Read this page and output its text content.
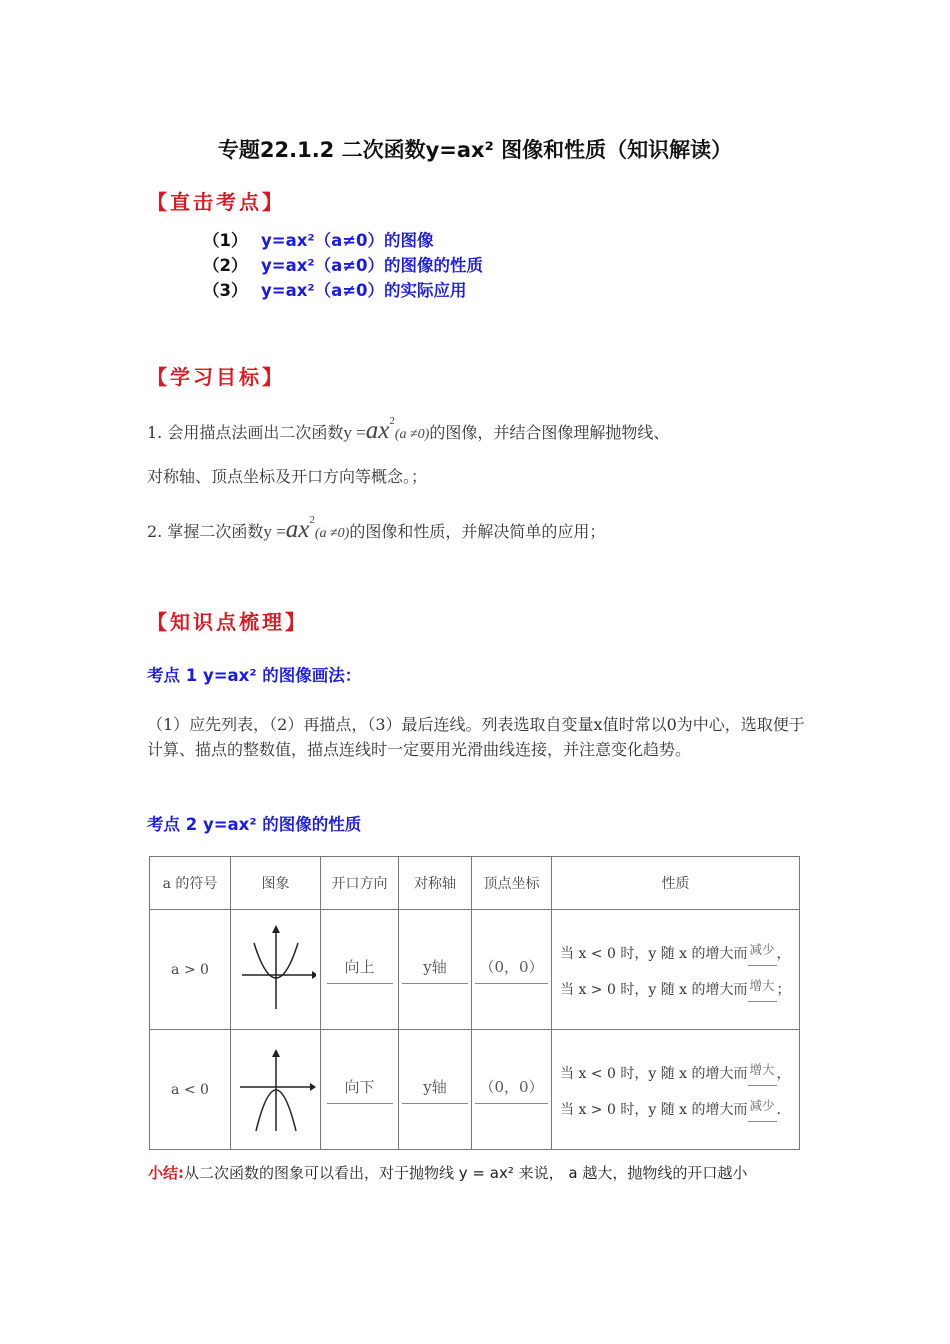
专题22.1.2 二次函数y=ax² 图像和性质（知识解读）
【直击考点】
（1） y=ax²（a≠0）的图像
（2） y=ax²（a≠0）的图像的性质
（3） y=ax²（a≠0）的实际应用
【学习目标】
1. 会用描点法画出二次函数$y =ax^2(a \ne 0)$的图像，并结合图像理解抛物线、
对称轴、顶点坐标及开口方向等概念。；
2. 掌握二次函数$y =ax^2(a \ne 0)$的图像和性质，并解决简单的应用；
【知识点梳理】
考点 1 y=ax² 的图像画法：
（1）应先列表，（2）再描点，（3）最后连线。列表选取自变量x值时常以0为中心，选取便于计算、描点的整数值，描点连线时一定要用光滑曲线连接，并注意变化趋势。
考点 2 y=ax² 的图像的性质
a 的符号	图象	开口方向	对称轴	顶点坐标	性质
a > 0		向上	y轴	（0，0）	当 x < 0 时，y 随 x 的增大而 减少 ，
当 x > 0 时，y 随 x 的增大而 增大 ；

a < 0		向下	y轴	（0，0）	当 x < 0 时，y 随 x 的增大而 增大 ，
当 x > 0 时，y 随 x 的增大而 减少 .
小结:从二次函数的图象可以看出，对于抛物线 y = ax² 来说， a 越大，抛物线的开口越小
